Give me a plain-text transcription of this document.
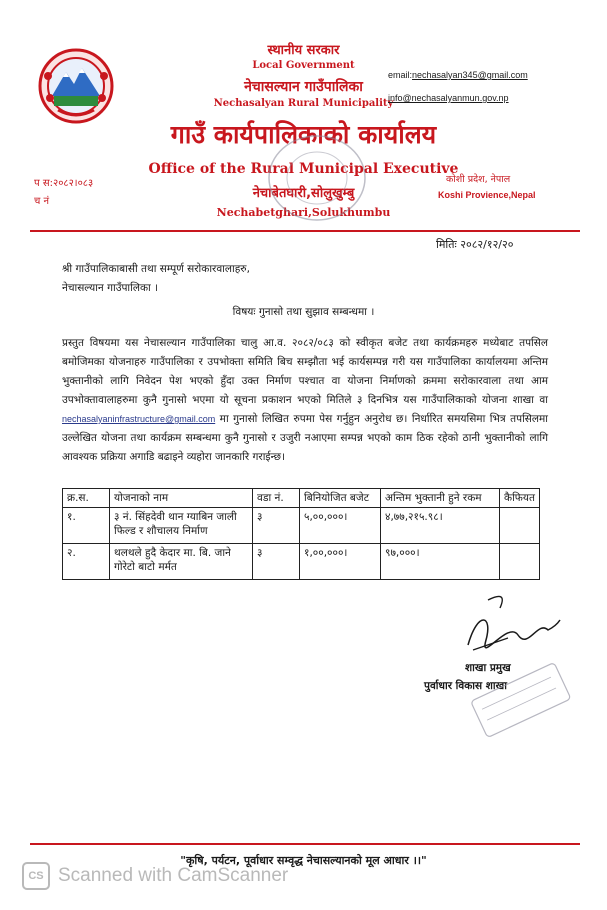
स्थानीय सरकार
Local Government
नेचासल्यान गाउँपालिका
Nechasalyan Rural Municipality
गाउँ कार्यपालिकाको कार्यालय
Office of the Rural Municipal Executive
नेचाबेतघारी,सोलुखुम्बु
Nechabetghari,Solukhumbu
email:nechasalyan345@gmail.com
info@nechasalyanmun.gov.np
कोशी प्रदेश, नेपाल
Koshi Provience,Nepal
प स:२०८२।०८३
च नं
मितिः २०८२/१२/२०
श्री गाउँपालिकाबासी तथा सम्पूर्ण सरोकारवालाहरु,
नेचासल्यान गाउँपालिका ।
विषयः गुनासो तथा सुझाव सम्बन्धमा ।
प्रस्तुत विषयमा यस नेचासल्यान गाउँपालिका चालु आ.व. २०८२/०८३ को स्वीकृत बजेट तथा कार्यक्रमहरु मध्येबाट तपसिल बमोजिमका योजनाहरु गाउँपालिका र उपभोक्ता समिति बिच सम्झौता भई कार्यसम्पन्न गरी यस गाउँपालिका कार्यालयमा अन्तिम भुक्तानीको लागि निवेदन पेश भएको हुँदा उक्त निर्माण पश्चात वा योजना निर्माणको क्रममा सरोकारवाला तथा आम उपभोक्तावालाहरुमा कुनै गुनासो भएमा यो सूचना प्रकाशन भएको मितिले ३ दिनभित्र यस गाउँपालिकाको योजना शाखा वा nechasalyaninfrastructure@gmail.com मा गुनासो लिखित रुपमा पेस गर्नुहुन अनुरोध छ। निर्धारित समयसिमा भित्र तपसिलमा उल्लेखित योजना तथा कार्यक्रम सम्बन्धमा कुनै गुनासो र उजुरी नआएमा सम्पन्न भएको काम ठिक रहेको ठानी भुक्तानीको लागि आवश्यक प्रक्रिया अगाडि बढाइने व्यहोरा जानकारि गराईन्छ।
क्र.स.	योजनाको नाम	वडा नं.	बिनियोजित बजेट	अन्तिम भुक्तानी हुने रकम	कैफियत
१.	३ नं. सिंहदेवी थान ग्याबिन जाली फिल्ड र शौचालय निर्माण	३	५,००,०००।	४,७७,२१५.९८।	
२.	थलथले हुदै केदार मा. बि. जाने गोरेटो बाटो मर्मत	३	१,००,०००।	९७,०००।	
शाखा प्रमुख
पुर्वाधार विकास शाखा
"कृषि, पर्यटन, पूर्वाधार सम्वृद्ध नेचासल्यानको मूल आधार ।।"
CS Scanned with CamScanner
